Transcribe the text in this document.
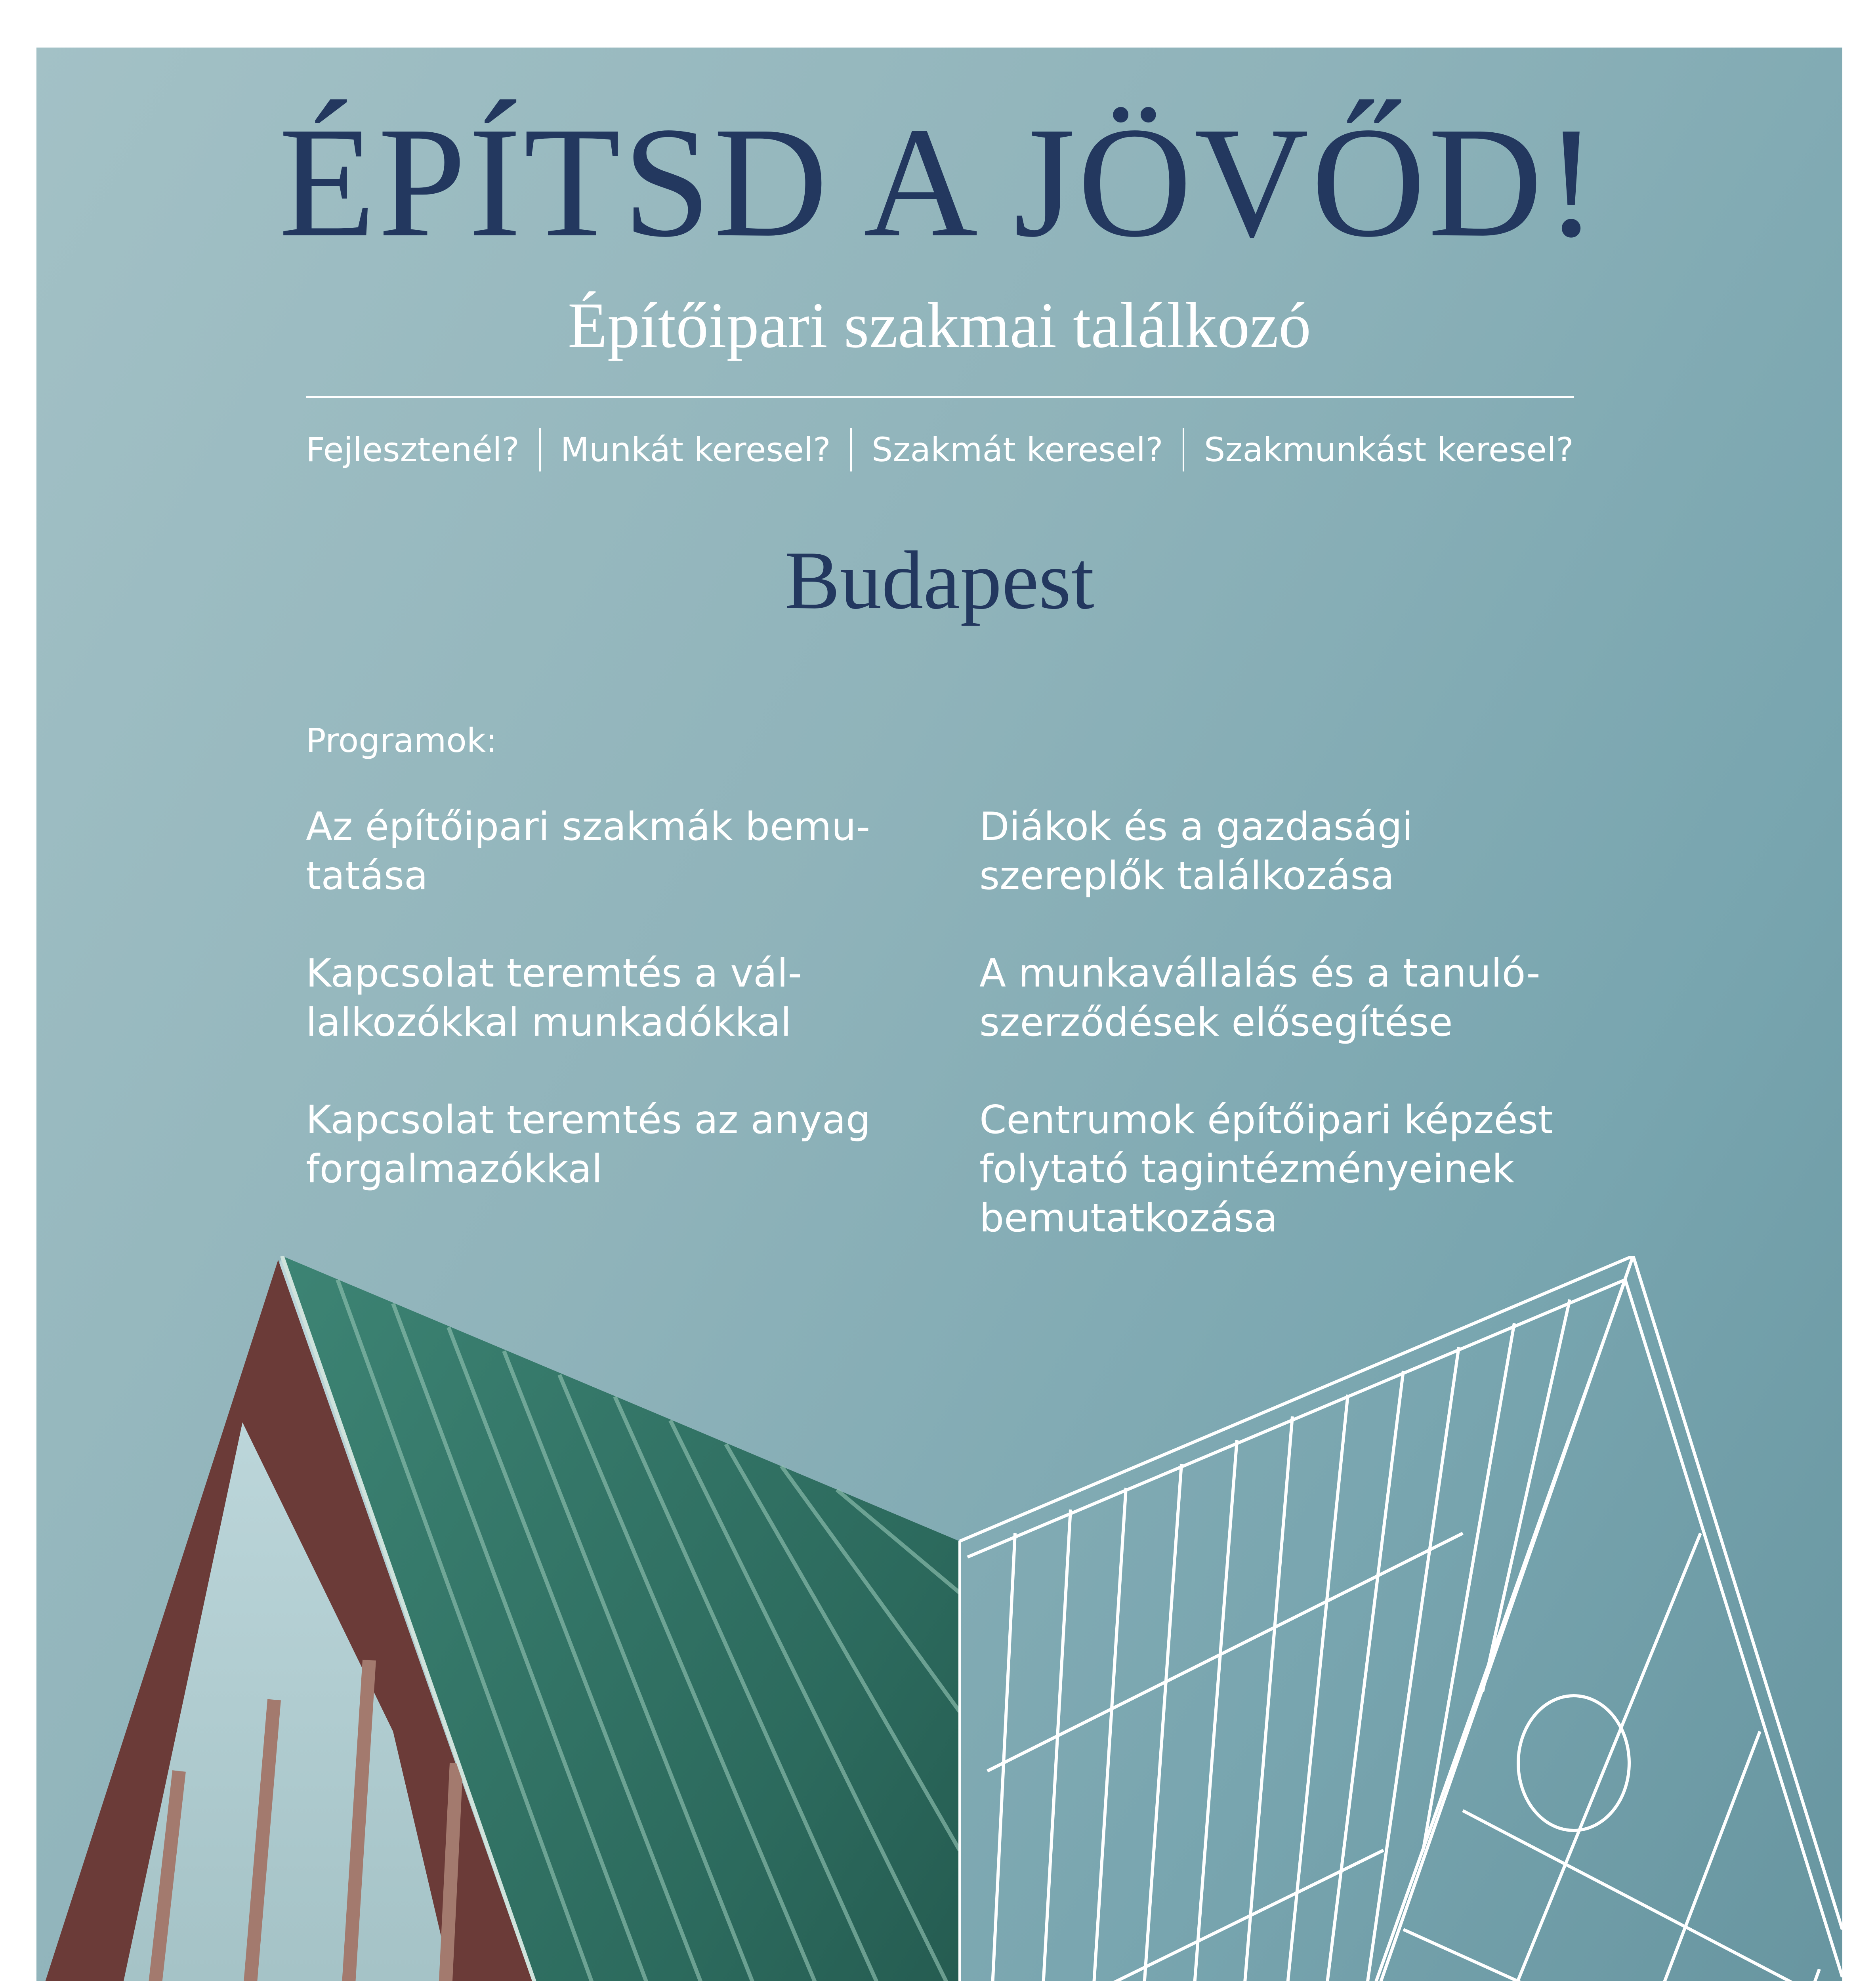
ÉPÍTSD A JÖVŐD!
Építőipari szakmai találkozó
Fejlesztenél? Munkát keresel? Szakmát keresel? Szakmunkást keresel?
Budapest
Programok:
Az építőipari szakmák bemu-
tatása
Diákok és a gazdasági
szereplők találkozása
Kapcsolat teremtés a vál-
lalkozókkal munkadókkal
A munkavállalás és a tanuló-
szerződések elősegítése
Kapcsolat teremtés az anyag
forgalmazókkal
Centrumok építőipari képzést
folytató tagintézményeinek
bemutatkozása
